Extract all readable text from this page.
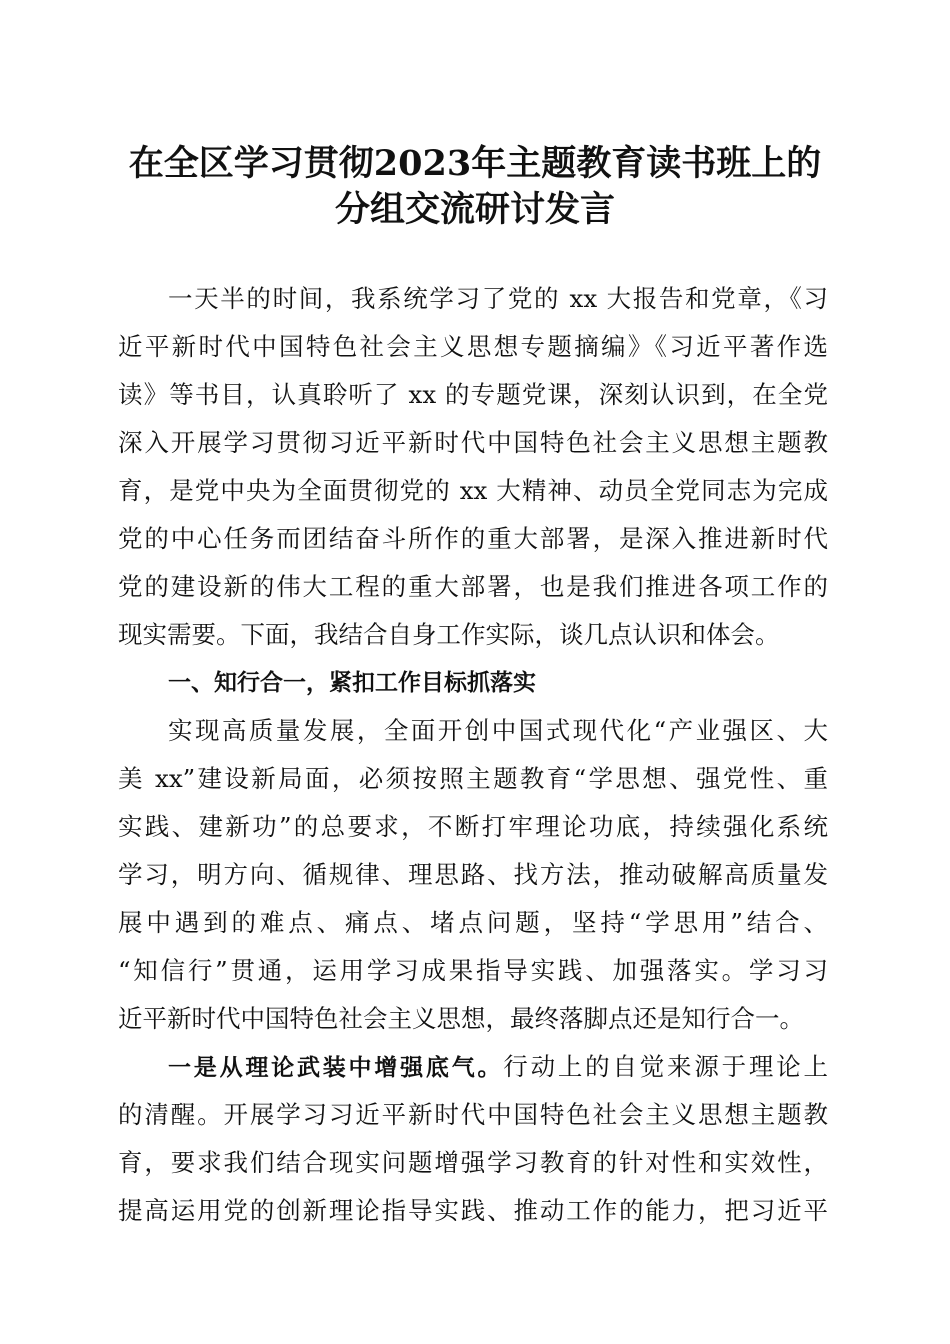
在全区学习贯彻2023年主题教育读书班上的
分组交流研讨发言
一天半的时间，我系统学习了党的 xx 大报告和党章，《习
近平新时代中国特色社会主义思想专题摘编》《习近平著作选
读》等书目，认真聆听了 xx 的专题党课，深刻认识到，在全党
深入开展学习贯彻习近平新时代中国特色社会主义思想主题教
育，是党中央为全面贯彻党的 xx 大精神、动员全党同志为完成
党的中心任务而团结奋斗所作的重大部署，是深入推进新时代
党的建设新的伟大工程的重大部署，也是我们推进各项工作的
现实需要。下面，我结合自身工作实际，谈几点认识和体会。
一、知行合一，紧扣工作目标抓落实
实现高质量发展，全面开创中国式现代化“产业强区、大
美 xx”建设新局面，必须按照主题教育“学思想、强党性、重
实践、建新功”的总要求，不断打牢理论功底，持续强化系统
学习，明方向、循规律、理思路、找方法，推动破解高质量发
展中遇到的难点、痛点、堵点问题，坚持“学思用”结合、
“知信行”贯通，运用学习成果指导实践、加强落实。学习习
近平新时代中国特色社会主义思想，最终落脚点还是知行合一。
一是从理论武装中增强底气。行动上的自觉来源于理论上
的清醒。开展学习习近平新时代中国特色社会主义思想主题教
育，要求我们结合现实问题增强学习教育的针对性和实效性，
提高运用党的创新理论指导实践、推动工作的能力，把习近平
